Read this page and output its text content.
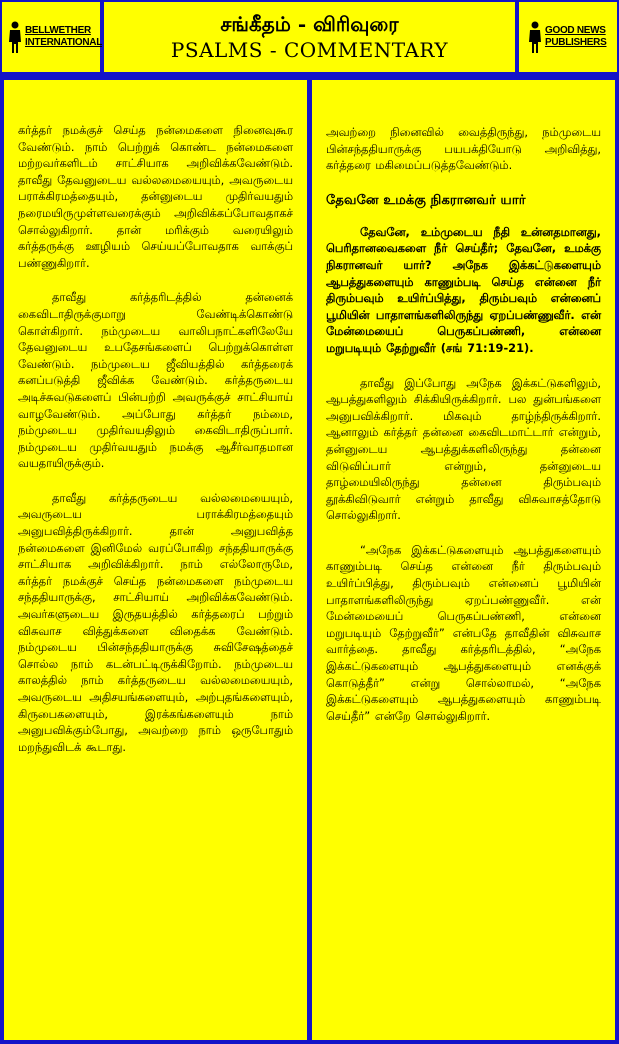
BELLWETHER INTERNATIONAL
சங்கீதம் - விரிவுரை
PSALMS - COMMENTARY
GOOD NEWS PUBLISHERS

கர்த்தர் நமக்குச் செய்த நன்மைகளை நினைவுகூர வேண்டும். நாம் பெற்றுக் கொண்ட நன்மைகளை மற்றவர்களிடம் சாட்சியாக அறிவிக்கவேண்டும். தாவீது தேவனுடைய வல்லமையையும், அவருடைய பராக்கிரமத்தையும், தன்னுடைய முதிர்வயதும் நரைமயிருமுள்ளவரைக்கும் அறிவிக்கப்போவதாகச் சொல்லுகிறார். தான் மரிக்கும் வரையிலும் கர்த்தருக்கு ஊழியம் செய்யப்போவதாக வாக்குப் பண்ணுகிறார்.

தாவீது கர்த்தரிடத்தில் தன்னைக் கைவிடாதிருக்குமாறு வேண்டிக்கொண்டு கொள்கிறார். நம்முடைய வாலிபநாட்களிலேயே தேவனுடைய உபதேசங்களைப் பெற்றுக்கொள்ள வேண்டும். நம்முடைய ஜீவியத்தில் கர்த்தரைக் கனப்படுத்தி ஜீவிக்க வேண்டும். கர்த்தருடைய அடிச்சுவடுகளைப் பின்பற்றி அவருக்குச் சாட்சியாய் வாழவேண்டும். அப்போது கர்த்தர் நம்மை, நம்முடைய முதிர்வயதிலும் கைவிடாதிருப்பார். நம்முடைய முதிர்வயதும் நமக்கு ஆசீர்வாதமான வயதாயிருக்கும்.

தாவீது கர்த்தருடைய வல்லமையையும், அவருடைய பராக்கிரமத்தையும் அனுபவித்திருக்கிறார். தான் அனுபவித்த நன்மைகளை இனிமேல் வரப்போகிற சந்ததியாருக்கு சாட்சியாக அறிவிக்கிறார். நாம் எல்லோருமே, கர்த்தர் நமக்குச் செய்த நன்மைகளை நம்முடைய சந்ததியாருக்கு, சாட்சியாய் அறிவிக்கவேண்டும். அவர்களுடைய இருதயத்தில் கர்த்தரைப் பற்றும் விசுவாச வித்துக்களை விதைக்க வேண்டும். நம்முடைய பின்சந்ததியாருக்கு சுவிசேஷத்தைச் சொல்ல நாம் கடன்பட்டிருக்கிறோம். நம்முடைய காலத்தில் நாம் கர்த்தருடைய வல்லமையையும், அவருடைய அதிசயங்களையும், அற்புதங்களையும், கிருபைகளையும், இரக்கங்களையும் நாம் அனுபவிக்கும்போது, அவற்றை நாம் ஒருபோதும் மறந்துவிடக் கூடாது.

அவற்றை நினைவில் வைத்திருந்து, நம்முடைய பின்சந்ததியாருக்கு பயபக்தியோடு அறிவித்து, கர்த்தரை மகிமைப்படுத்தவேண்டும்.

தேவனே உமக்கு நிகரானவர் யார்

தேவனே, உம்முடைய நீதி உன்னதமானது, பெரிதானவைகளை நீர் செய்தீர்; தேவனே, உமக்கு நிகரானவர் யார்? அநேக இக்கட்டுகளையும் ஆபத்துகளையும் காணும்படி செய்த என்னை நீர் திரும்பவும் உயிர்ப்பித்து, திரும்பவும் என்னைப் பூமியின் பாதாளங்களிலிருந்து ஏறப்பண்ணுவீர். என் மேன்மையைப் பெருகப்பண்ணி, என்னை மறுபடியும் தேற்றுவீர் (சங் 71:19-21).

தாவீது இப்போது அநேக இக்கட்டுகளிலும், ஆபத்துகளிலும் சிக்கியிருக்கிறார். பல துன்பங்களை அனுபவிக்கிறார். மிகவும் தாழ்ந்திருக்கிறார். ஆனாலும் கர்த்தர் தன்னை கைவிடமாட்டார் என்றும், தன்னுடைய ஆபத்துக்களிலிருந்து தன்னை விடுவிப்பார் என்றும், தன்னுடைய தாழ்மையிலிருந்து தன்னை திரும்பவும் தூக்கிவிடுவார் என்றும் தாவீது விசுவாசத்தோடு சொல்லுகிறார்.

“அநேக இக்கட்டுகளையும் ஆபத்துகளையும் காணும்படி செய்த என்னை நீர் திரும்பவும் உயிர்ப்பித்து, திரும்பவும் என்னைப் பூமியின் பாதாளங்களிலிருந்து ஏறப்பண்ணுவீர். என் மேன்மையைப் பெருகப்பண்ணி, என்னை மறுபடியும் தேற்றுவீர்” என்பதே தாவீதின் விசுவாச வார்த்தை. தாவீது கர்த்தரிடத்தில், “அநேக இக்கட்டுகளையும் ஆபத்துகளையும் எனக்குக் கொடுத்தீர்” என்று சொல்லாமல், “அநேக இக்கட்டுகளையும் ஆபத்துகளையும் காணும்படி செய்தீர்” என்றே சொல்லுகிறார்.
